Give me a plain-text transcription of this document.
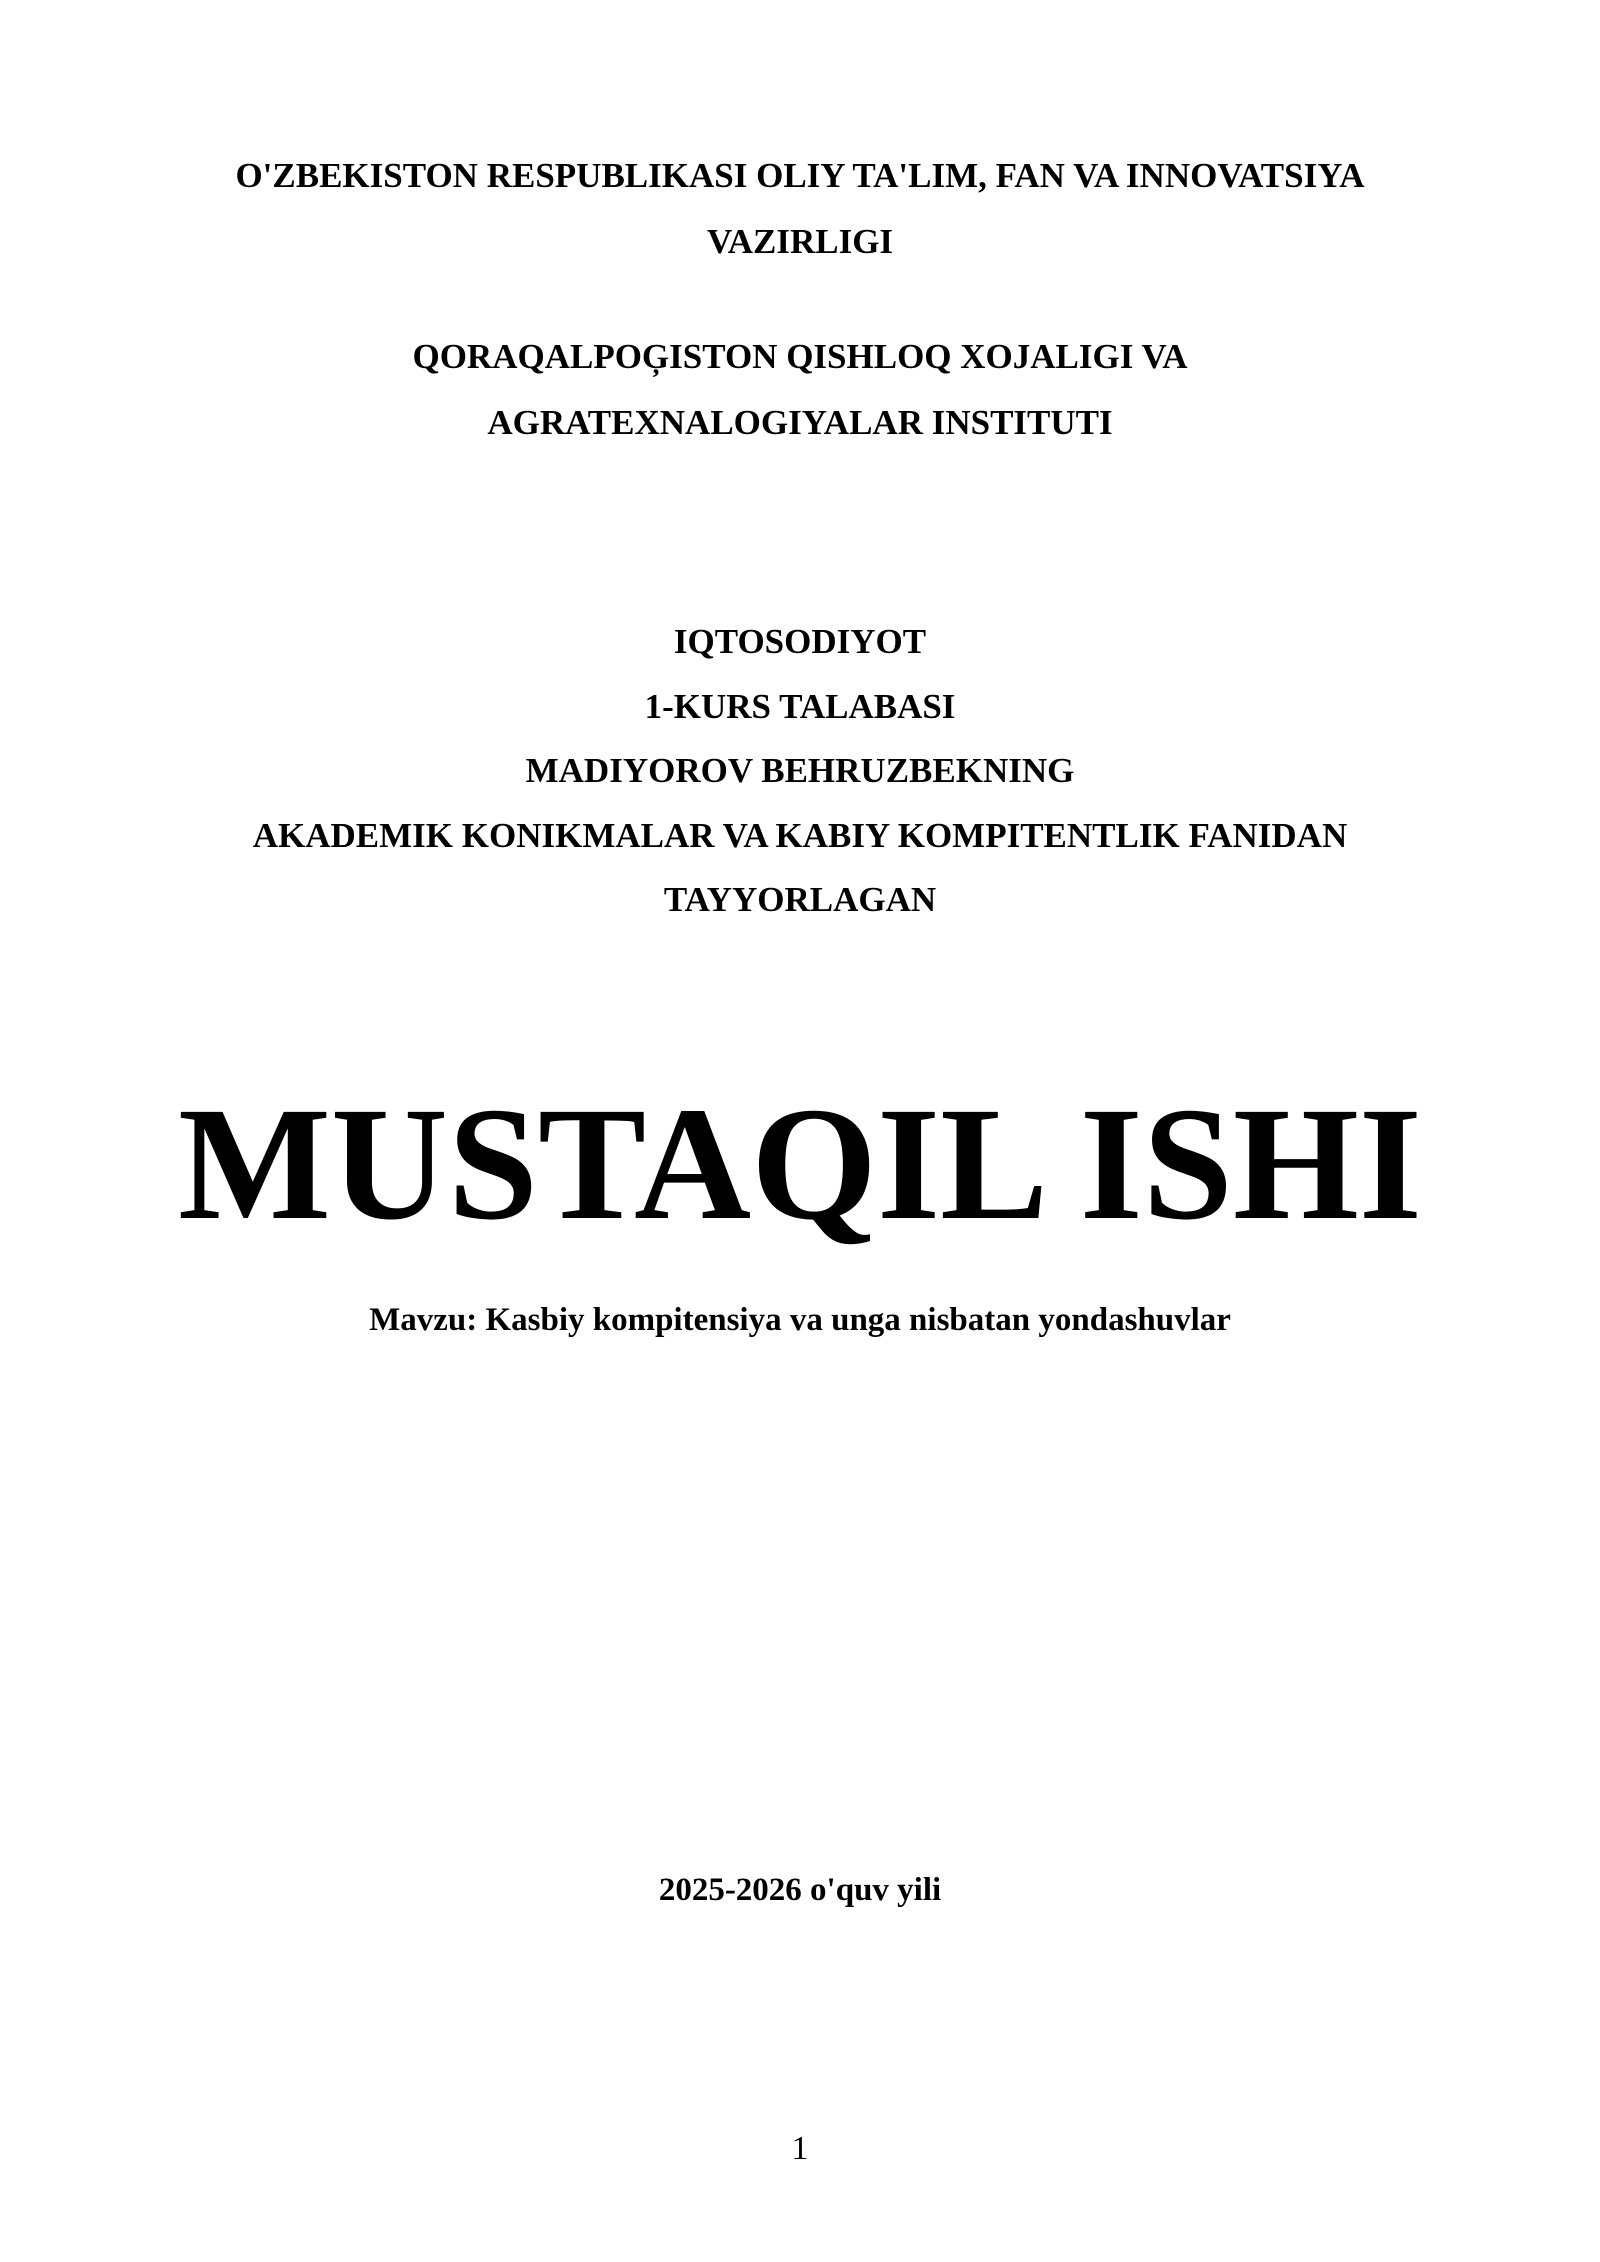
O'ZBEKISTON RESPUBLIKASI OLIY TA'LIM, FAN VA INNOVATSIYA
VAZIRLIGI
QORAQALPOĢISTON QISHLOQ XOJALIGI VA
AGRATEXNALOGIYALAR INSTITUTI
IQTOSODIYOT
1-KURS TALABASI
MADIYOROV BEHRUZBEKNING
AKADEMIK KONIKMALAR VA KABIY KOMPITENTLIK FANIDAN
TAYYORLAGAN
MUSTAQIL ISHI
Mavzu: Kasbiy kompitensiya va unga nisbatan yondashuvlar
2025-2026 o'quv yili
1
